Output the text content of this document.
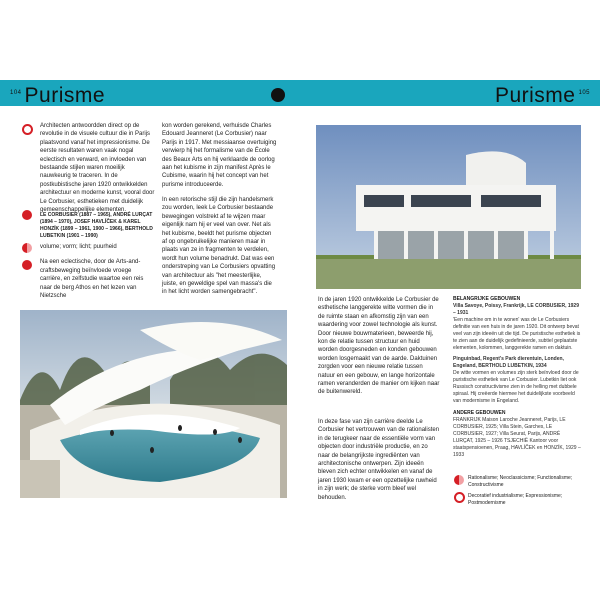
104 Purisme	Purisme 105
Architecten antwoordden direct op de revolutie in de visuele cultuur die in Parijs plaatsvond vanaf het impressionisme. De eerste resultaten waren vaak nogal eclectisch en verward, en invloeden van bestaande stijlen waren moeilijk nauwkeurig te traceren. In de postkubistische jaren 1920 ontwikkelden architectuur en moderne kunst, vooral door Le Corbusier, esthetieken met duidelijk gemeenschappelijke elementen.
LE CORBUSIER (1887 – 1965), ANDRÉ LURÇAT (1894 – 1970), JOSEF HAVLÍČEK & KAREL HONZÍK (1899 – 1961, 1900 – 1966), BERTHOLD LUBETKIN (1901 – 1990)
volume; vorm; licht; puurheid
Na een eclectische, door de Arts-and-craftsbeweging beïnvloede vroege carrière, en zelfstudie waartoe een reis naar de berg Athos en het lezen van Nietzsche
kon worden gerekend, verhuisde Charles Edouard Jeanneret (Le Corbusier) naar Parijs in 1917. Met messiaanse overtuiging verwierp hij het formalisme van de École des Beaux Arts en hij verklaarde de oorlog aan het kubisme in zijn manifest Après le Cubisme, waarin hij het concept van het purisme introduceerde.
In een retorische stijl die zijn handelsmerk zou worden, leek Le Corbusier bestaande bewegingen volstrekt af te wijzen maar eigenlijk nam hij er veel van over. Net als het kubisme, beeldt het purisme objecten af op ongebruikelijke manieren maar in plaats van ze in fragmenten te verdelen, wordt hun volume benadrukt. Dat was een onderstreping van Le Corbusiers opvatting van architectuur als "het meesterlijke, juiste, en geweldige spel van massa's die in het licht worden samengebracht".
In de jaren 1920 ontwikkelde Le Corbusier de esthetische langgerekte witte vormen die in de ruimte staan en afkomstig zijn van een waardering voor zowel technologie als kunst. Door nieuwe bouwmaterieen, beweerde hij, kon de relatie tussen structuur en huid worden doorgesneden en konden gebouwen worden losgemaakt van de aarde. Daktuinen zorgden voor een nieuwe relatie tussen natuur en een gebouw, en lange horizontale ramen veranderden de manier om kijken naar de buitenwereld.
In deze fase van zijn carrière deelde Le Corbusier het vertrouwen van de rationalisten in de terugkeer naar de essentiële vorm van objecten door industriële productie, en zo naar de belangrijkste ingrediënten van architectonische ontwerpen. Zijn ideeën bleven zich echter ontwikkelen en vanaf de jaren 1930 kwam er een opzettelijke ruwheid in zijn werk; de sterke vorm bleef wel behouden.
BELANGRIJKE GEBOUWEN
Villa Savoye, Poissy, Frankrijk, LE CORBUSIER, 1929 – 1931
'Een machine om in te wonen' was de Le Corbusiers definitie van een huis in de jaren 1920. Dit ontwerp bevat veel van zijn ideeën uit die tijd. De puristische esthetiek is te zien aan de duidelijk gedefinieerde, subtiel geplaatste elementen, kolommen, langgerekte ramen en daktuin.
Pinguinbad, Regent's Park dierentuin, Londen, Engeland, BERTHOLD LUBETKIN, 1934
De witte vormen en volumes zijn sterk beïnvloed door de puristische esthetiek van Le Corbusier. Lubetkin liet ook Russisch constructivisme zien in de helling met dubbele spiraal. Hij creëerde hiermee het duidelijkste voorbeeld van modernisme in Engeland.
ANDERE GEBOUWEN
FRANKRIJK Maison Laroche Jeanneret, Parijs, LE CORBUSIER, 1925; Villa Stein, Garches, LE CORBUSIER, 1927; Villa Seurat, Parijs, ANDRÉ LURÇAT, 1925 – 1926 TSJECHIË Kantoor voor staatspensioenen, Praag, HAVLÍČEK en HONZÍK, 1929 – 1933
Rationalisme; Neoclassicisme; Functionalisme; Constructivisme
Decoratief industrialisme; Expressionisme; Postmodernisme
